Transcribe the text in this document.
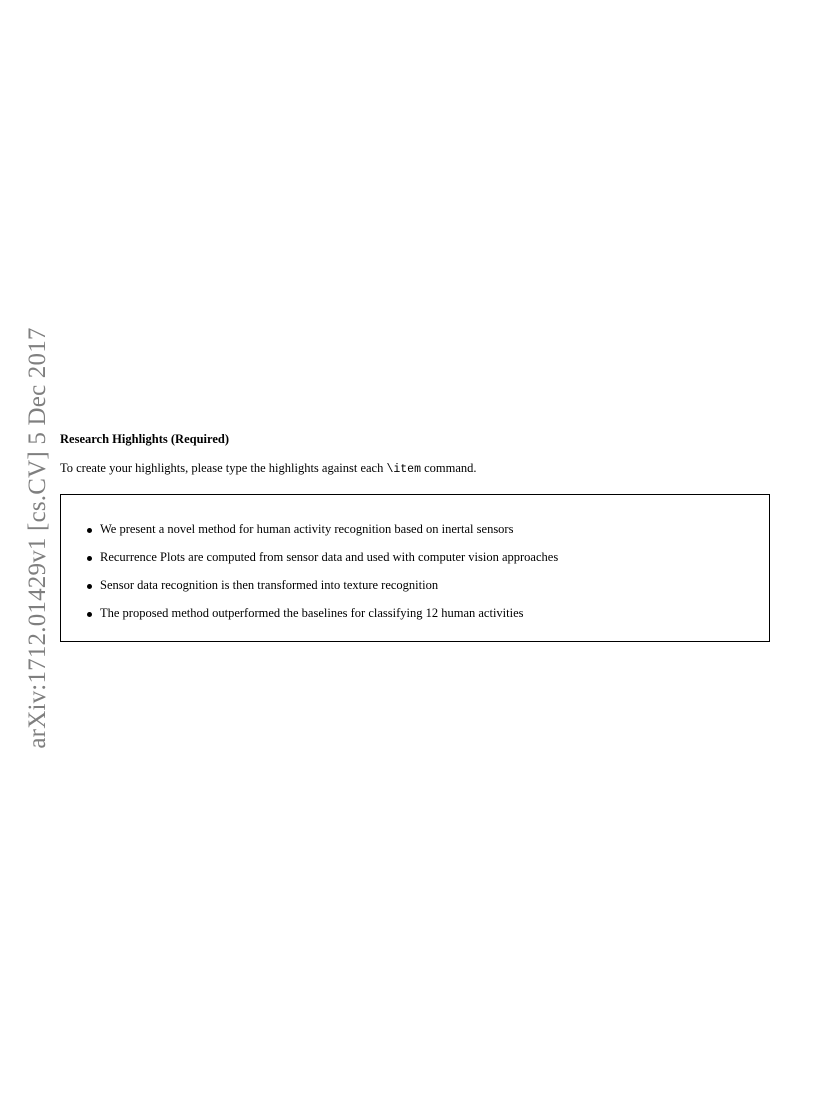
arXiv:1712.01429v1 [cs.CV] 5 Dec 2017 Research Highlights (Required)
To create your highlights, please type the highlights against each \item command.
We present a novel method for human activity recognition based on inertal sensors
Recurrence Plots are computed from sensor data and used with computer vision approaches
Sensor data recognition is then transformed into texture recognition
The proposed method outperformed the baselines for classifying 12 human activities
